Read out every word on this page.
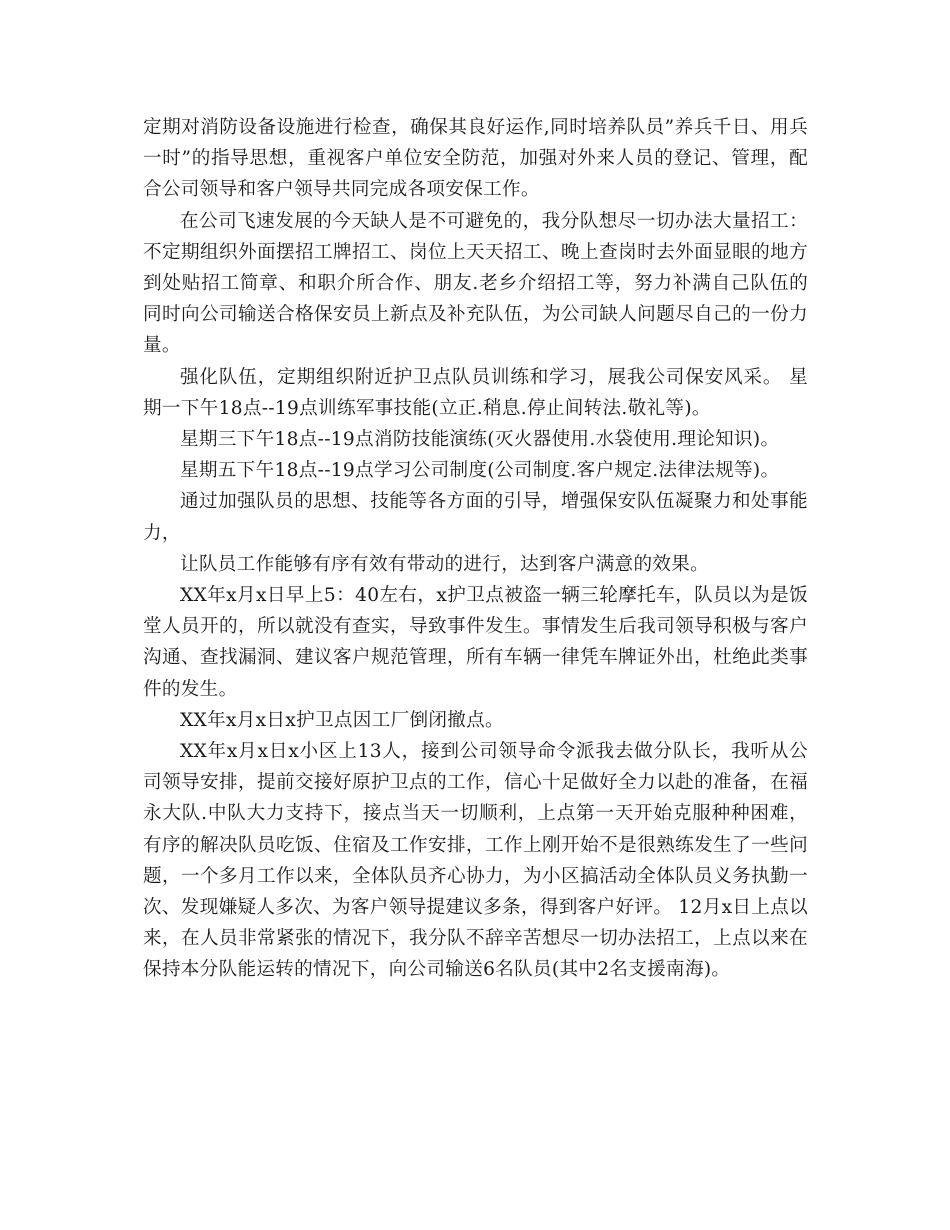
定期对消防设备设施进行检查，确保其良好运作,同时培养队员”养兵千日、用兵一时”的指导思想，重视客户单位安全防范，加强对外来人员的登记、管理，配合公司领导和客户领导共同完成各项安保工作。

在公司飞速发展的今天缺人是不可避免的，我分队想尽一切办法大量招工：不定期组织外面摆招工牌招工、岗位上天天招工、晚上查岗时去外面显眼的地方到处贴招工简章、和职介所合作、朋友.老乡介绍招工等，努力补满自己队伍的同时向公司输送合格保安员上新点及补充队伍，为公司缺人问题尽自己的一份力量。

强化队伍，定期组织附近护卫点队员训练和学习，展我公司保安风采。 星期一下午18点--19点训练军事技能(立正.稍息.停止间转法.敬礼等)。

星期三下午18点--19点消防技能演练(灭火器使用.水袋使用.理论知识)。

星期五下午18点--19点学习公司制度(公司制度.客户规定.法律法规等)。

通过加强队员的思想、技能等各方面的引导，增强保安队伍凝聚力和处事能力，

让队员工作能够有序有效有带动的进行，达到客户满意的效果。

XX年x月x日早上5：40左右，x护卫点被盗一辆三轮摩托车，队员以为是饭堂人员开的，所以就没有查实，导致事件发生。事情发生后我司领导积极与客户沟通、查找漏洞、建议客户规范管理，所有车辆一律凭车牌证外出，杜绝此类事件的发生。

XX年x月x日x护卫点因工厂倒闭撤点。

XX年x月x日x小区上13人，接到公司领导命令派我去做分队长，我听从公司领导安排，提前交接好原护卫点的工作，信心十足做好全力以赴的准备，在福永大队.中队大力支持下，接点当天一切顺利，上点第一天开始克服种种困难，有序的解决队员吃饭、住宿及工作安排，工作上刚开始不是很熟练发生了一些问题，一个多月工作以来，全体队员齐心协力，为小区搞活动全体队员义务执勤一次、发现嫌疑人多次、为客户领导提建议多条，得到客户好评。 12月x日上点以来，在人员非常紧张的情况下，我分队不辞辛苦想尽一切办法招工，上点以来在保持本分队能运转的情况下，向公司输送6名队员(其中2名支援南海)。
